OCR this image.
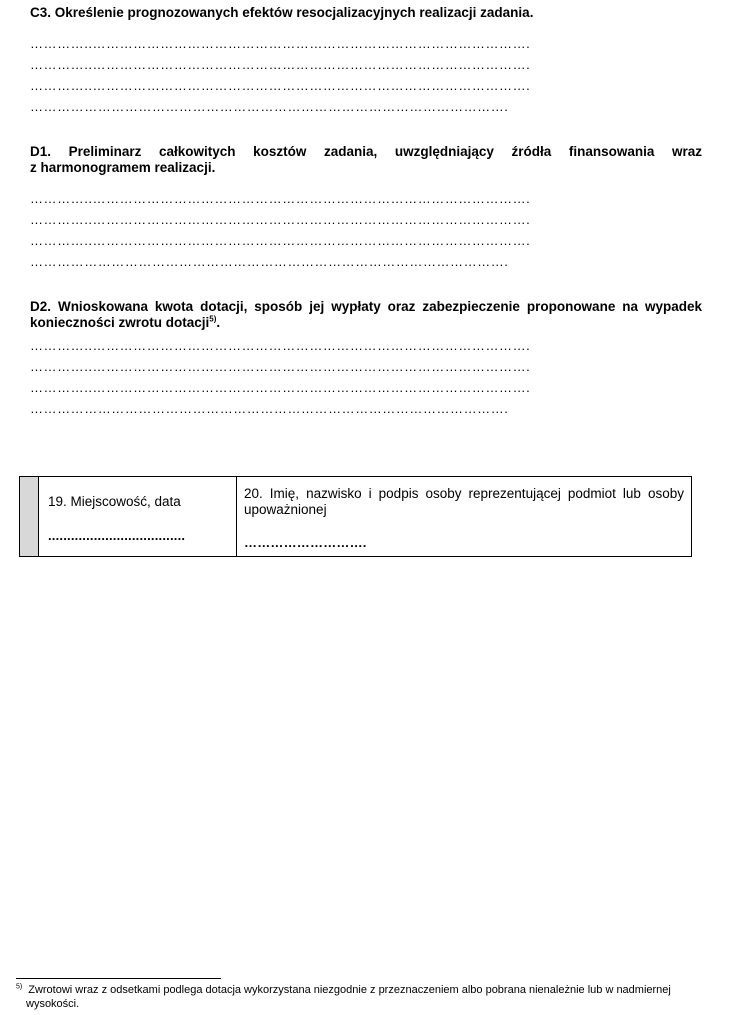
C3. Określenie prognozowanych efektów resocjalizacyjnych realizacji zadania.
…………..…………………………………………………………………………………….
…………..…………………………………………………………………………………….
…………..…………………………………………………………………………………….
…………………………………………………………………………………………….
D1. Preliminarz całkowitych kosztów zadania, uwzględniający źródła finansowania wraz
z harmonogramem realizacji.
…………..…………………………………………………………………………………….
…………..…………………………………………………………………………………….
…………..…………………………………………………………………………………….
…………………………………………………………………………………………….
D2. Wnioskowana kwota dotacji, sposób jej wypłaty oraz zabezpieczenie proponowane na wypadek
konieczności zwrotu dotacji$^{5)}$.
…………..…………………………………………………………………………………….
…………..…………………………………………………………………………………….
…………..…………………………………………………………………………………….
…………………………………………………………………………………………….

19. Miejscowość, data

....................................

20. Imię, nazwisko i podpis osoby reprezentującej podmiot lub osoby upoważnionej

……………………….

$^{5)}$ Zwrotowi wraz z odsetkami podlega dotacja wykorzystana niezgodnie z przeznaczeniem albo pobrana nienależnie lub w nadmiernej
wysokości.
